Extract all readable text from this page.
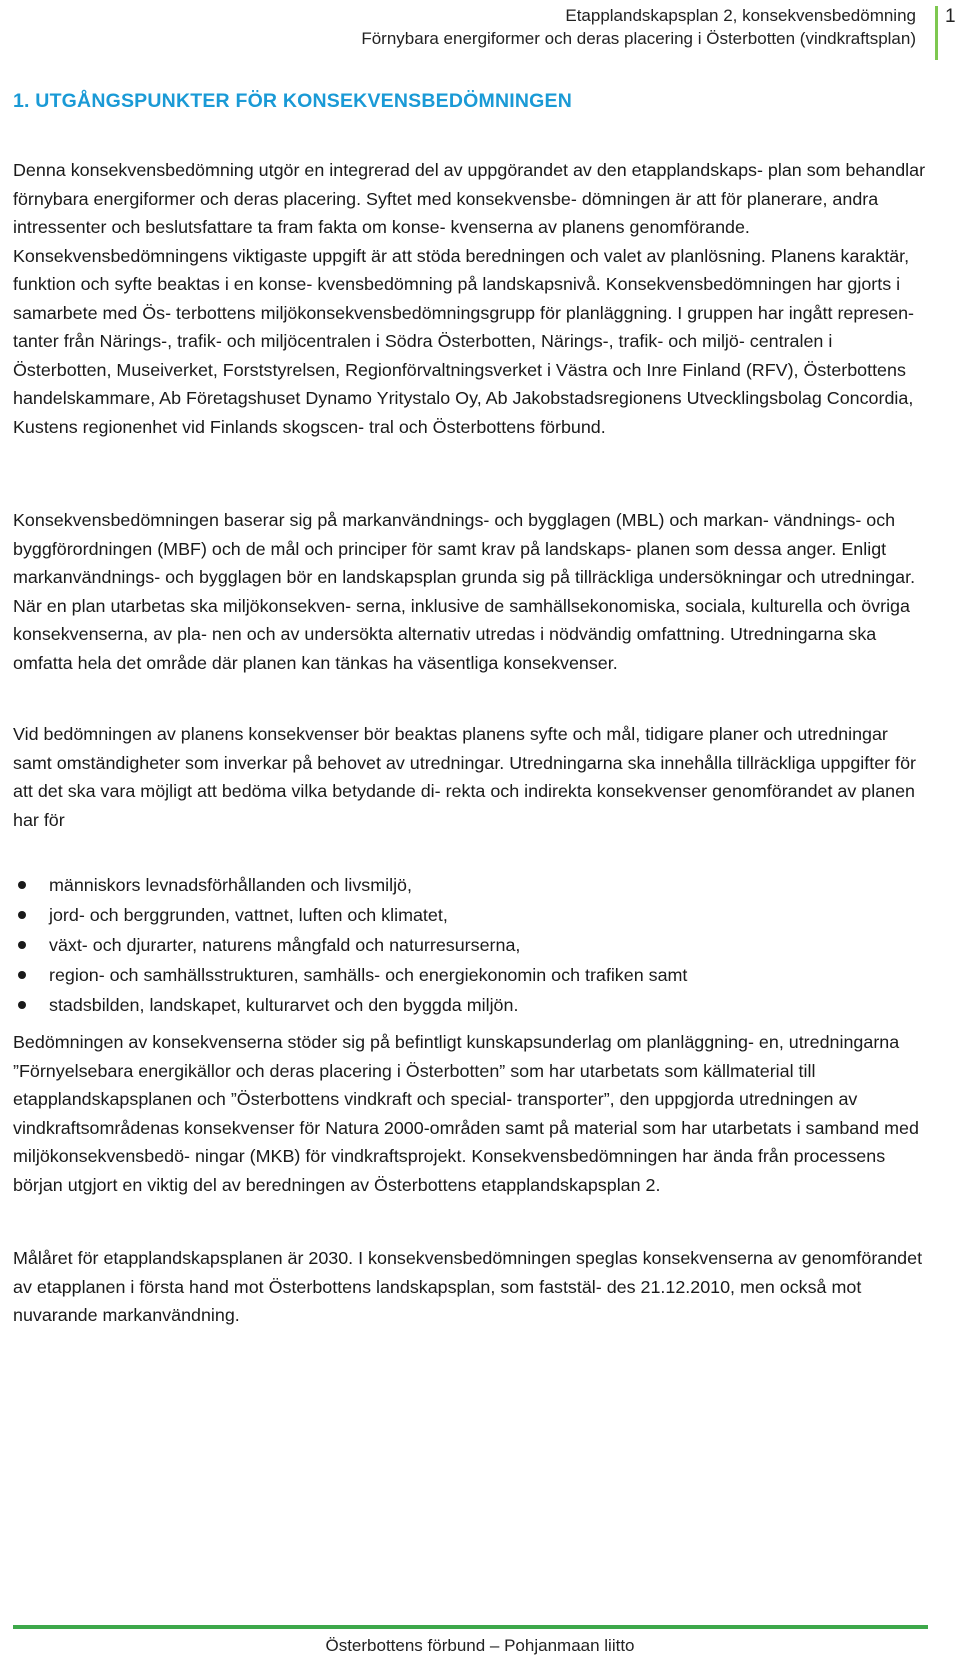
Etapplandskapsplan 2, konsekvensbedömning
Förnybara energiformer och deras placering i Österbotten (vindkraftsplan)
1
1. UTGÅNGSPUNKTER FÖR KONSEKVENSBEDÖMNINGEN

Denna konsekvensbedömning utgör en integrerad del av uppgörandet av den etapplandskaps- plan som behandlar förnybara energiformer och deras placering. Syftet med konsekvensbe- dömningen är att för planerare, andra intressenter och beslutsfattare ta fram fakta om konse- kvenserna av planens genomförande. Konsekvensbedömningens viktigaste uppgift är att stöda beredningen och valet av planlösning. Planens karaktär, funktion och syfte beaktas i en konse- kvensbedömning på landskapsnivå. Konsekvensbedömningen har gjorts i samarbete med Ös- terbottens miljökonsekvensbedömningsgrupp för planläggning. I gruppen har ingått represen- tanter från Närings-, trafik- och miljöcentralen i Södra Österbotten, Närings-, trafik- och miljö- centralen i Österbotten, Museiverket, Forststyrelsen, Regionförvaltningsverket i Västra och Inre Finland (RFV), Österbottens handelskammare, Ab Företagshuset Dynamo Yritystalo Oy, Ab Jakobstadsregionens Utvecklingsbolag Concordia, Kustens regionenhet vid Finlands skogscen- tral och Österbottens förbund.

Konsekvensbedömningen baserar sig på markanvändnings- och bygglagen (MBL) och markan- vändnings- och byggförordningen (MBF) och de mål och principer för samt krav på landskaps- planen som dessa anger. Enligt markanvändnings- och bygglagen bör en landskapsplan grunda sig på tillräckliga undersökningar och utredningar. När en plan utarbetas ska miljökonsekven- serna, inklusive de samhällsekonomiska, sociala, kulturella och övriga konsekvenserna, av pla- nen och av undersökta alternativ utredas i nödvändig omfattning. Utredningarna ska omfatta hela det område där planen kan tänkas ha väsentliga konsekvenser.

Vid bedömningen av planens konsekvenser bör beaktas planens syfte och mål, tidigare planer och utredningar samt omständigheter som inverkar på behovet av utredningar. Utredningarna ska innehålla tillräckliga uppgifter för att det ska vara möjligt att bedöma vilka betydande di- rekta och indirekta konsekvenser genomförandet av planen har för

människors levnadsförhållanden och livsmiljö,
jord- och berggrunden, vattnet, luften och klimatet,
växt- och djurarter, naturens mångfald och naturresurserna,
region- och samhällsstrukturen, samhälls- och energiekonomin och trafiken samt
stadsbilden, landskapet, kulturarvet och den byggda miljön.

Bedömningen av konsekvenserna stöder sig på befintligt kunskapsunderlag om planläggning- en, utredningarna ”Förnyelsebara energikällor och deras placering i Österbotten” som har utarbetats som källmaterial till etapplandskapsplanen och ”Österbottens vindkraft och special- transporter”, den uppgjorda utredningen av vindkraftsområdenas konsekvenser för Natura 2000-områden samt på material som har utarbetats i samband med miljökonsekvensbedö- ningar (MKB) för vindkraftsprojekt. Konsekvensbedömningen har ända från processens början utgjort en viktig del av beredningen av Österbottens etapplandskapsplan 2.

Målåret för etapplandskapsplanen är 2030. I konsekvensbedömningen speglas konsekvenserna av genomförandet av etapplanen i första hand mot Österbottens landskapsplan, som faststäl- des 21.12.2010, men också mot nuvarande markanvändning.

Österbottens förbund – Pohjanmaan liitto
